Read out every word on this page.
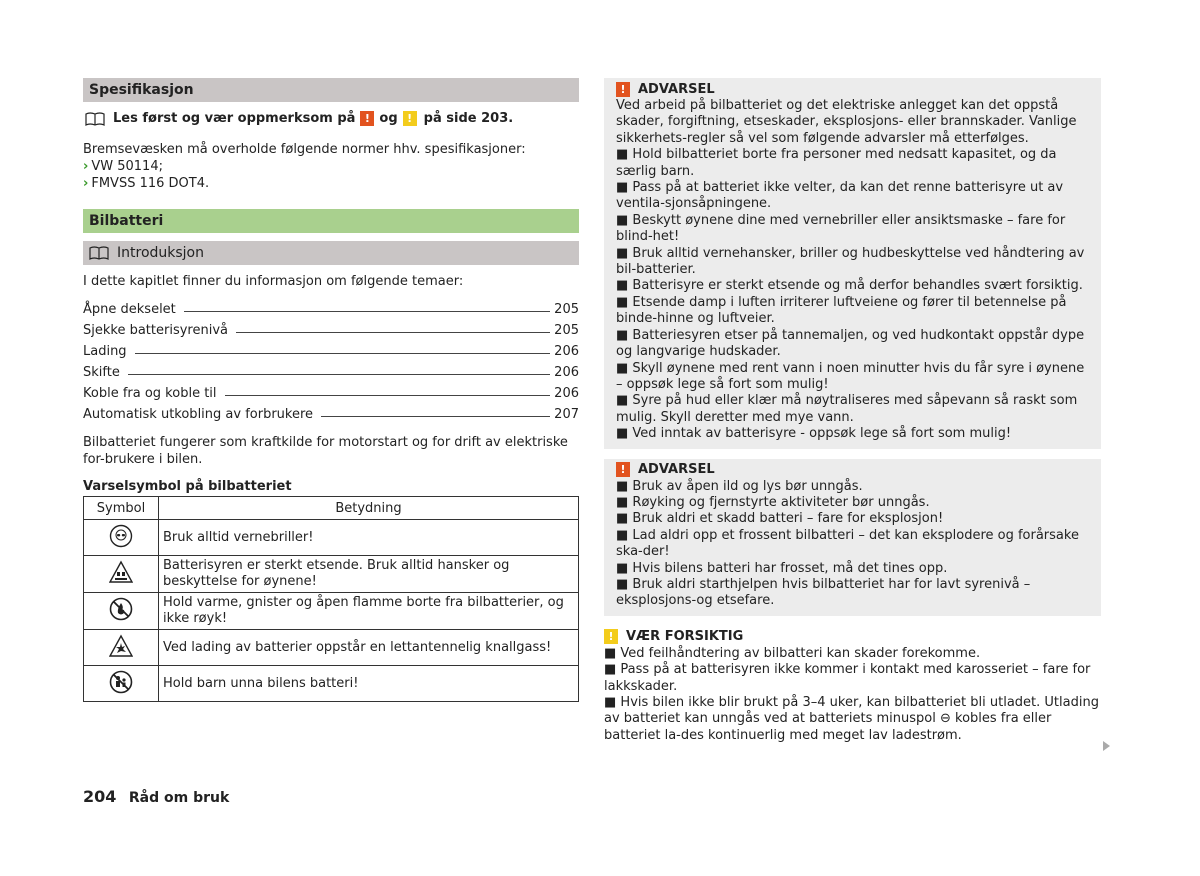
Spesifikasjon
Les først og vær oppmerksom på ! og ! på side 203.
Bremsevæsken må overholde følgende normer hhv. spesifikasjoner:
› VW 50114;
› FMVSS 116 DOT4.
Bilbatteri
Introduksjon
I dette kapitlet finner du informasjon om følgende temaer:
Åpne dekselet	205
Sjekke batterisyrenivå	205
Lading	206
Skifte	206
Koble fra og koble til	206
Automatisk utkobling av forbrukere	207
Bilbatteriet fungerer som kraftkilde for motorstart og for drift av elektriske for-brukere i bilen.
Varselsymbol på bilbatteriet
Symbol	Betydning
	Bruk alltid vernebriller!
	Batterisyren er sterkt etsende. Bruk alltid hansker og beskyttelse for øynene!
	Hold varme, gnister og åpen flamme borte fra bilbatterier, og ikke røyk!
	Ved lading av batterier oppstår en lettantennelig knallgass!
	Hold barn unna bilens batteri!
! ADVARSEL

Ved arbeid på bilbatteriet og det elektriske anlegget kan det oppstå skader, forgiftning, etseskader, eksplosjons- eller brannskader. Vanlige sikkerhets-regler så vel som følgende advarsler må etterfølges.

■ Hold bilbatteriet borte fra personer med nedsatt kapasitet, og da særlig barn.

■ Pass på at batteriet ikke velter, da kan det renne batterisyre ut av ventila-sjonsåpningene.

■ Beskytt øynene dine med vernebriller eller ansiktsmaske – fare for blind-het!

■ Bruk alltid vernehansker, briller og hudbeskyttelse ved håndtering av bil-batterier.

■ Batterisyre er sterkt etsende og må derfor behandles svært forsiktig.

■ Etsende damp i luften irriterer luftveiene og fører til betennelse på binde-hinne og luftveier.

■ Batteriesyren etser på tannemaljen, og ved hudkontakt oppstår dype og langvarige hudskader.

■ Skyll øynene med rent vann i noen minutter hvis du får syre i øynene – oppsøk lege så fort som mulig!

■ Syre på hud eller klær må nøytraliseres med såpevann så raskt som mulig. Skyll deretter med mye vann.

■ Ved inntak av batterisyre - oppsøk lege så fort som mulig!

! ADVARSEL

■ Bruk av åpen ild og lys bør unngås.

■ Røyking og fjernstyrte aktiviteter bør unngås.

■ Bruk aldri et skadd batteri – fare for eksplosjon!

■ Lad aldri opp et frossent bilbatteri – det kan eksplodere og forårsake ska-der!

■ Hvis bilens batteri har frosset, må det tines opp.

■ Bruk aldri starthjelpen hvis bilbatteriet har for lavt syrenivå – eksplosjons-og etsefare.

! VÆR FORSIKTIG

■ Ved feilhåndtering av bilbatteri kan skader forekomme.

■ Pass på at batterisyren ikke kommer i kontakt med karosseriet – fare for lakkskader.

■ Hvis bilen ikke blir brukt på 3–4 uker, kan bilbatteriet bli utladet. Utlading av batteriet kan unngås ved at batteriets minuspol ⊖ kobles fra eller batteriet la-des kontinuerlig med meget lav ladestrøm.

204 Råd om bruk
